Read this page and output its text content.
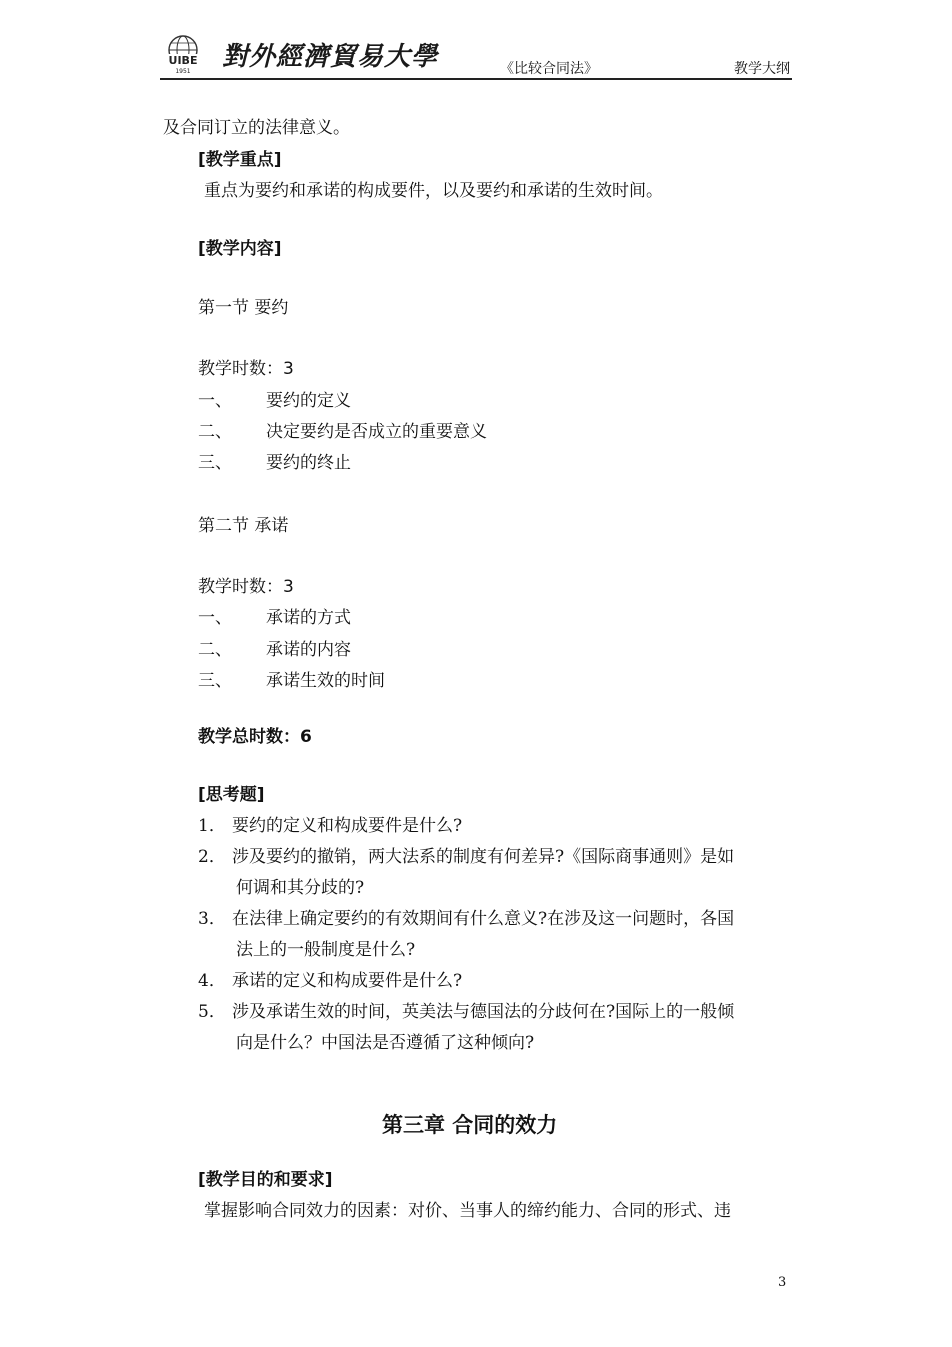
UIBE
1951 對外經濟貿易大學	《比较合同法》	教学大纲
及合同订立的法律意义。
[教学重点]
重点为要约和承诺的构成要件，以及要约和承诺的生效时间。
[教学内容]
第一节 要约
教学时数：3
一、 要约的定义
二、 决定要约是否成立的重要意义
三、 要约的终止
第二节 承诺
教学时数：3
一、 承诺的方式
二、 承诺的内容
三、 承诺生效的时间
教学总时数：6
[思考题]
1． 要约的定义和构成要件是什么?
2． 涉及要约的撤销，两大法系的制度有何差异?《国际商事通则》是如
何调和其分歧的?
3． 在法律上确定要约的有效期间有什么意义?在涉及这一问题时，各国
法上的一般制度是什么?
4． 承诺的定义和构成要件是什么?
5． 涉及承诺生效的时间，英美法与德国法的分歧何在?国际上的一般倾
向是什么？中国法是否遵循了这种倾向?
第三章 合同的效力
[教学目的和要求]
掌握影响合同效力的因素：对价、当事人的缔约能力、合同的形式、违
3
